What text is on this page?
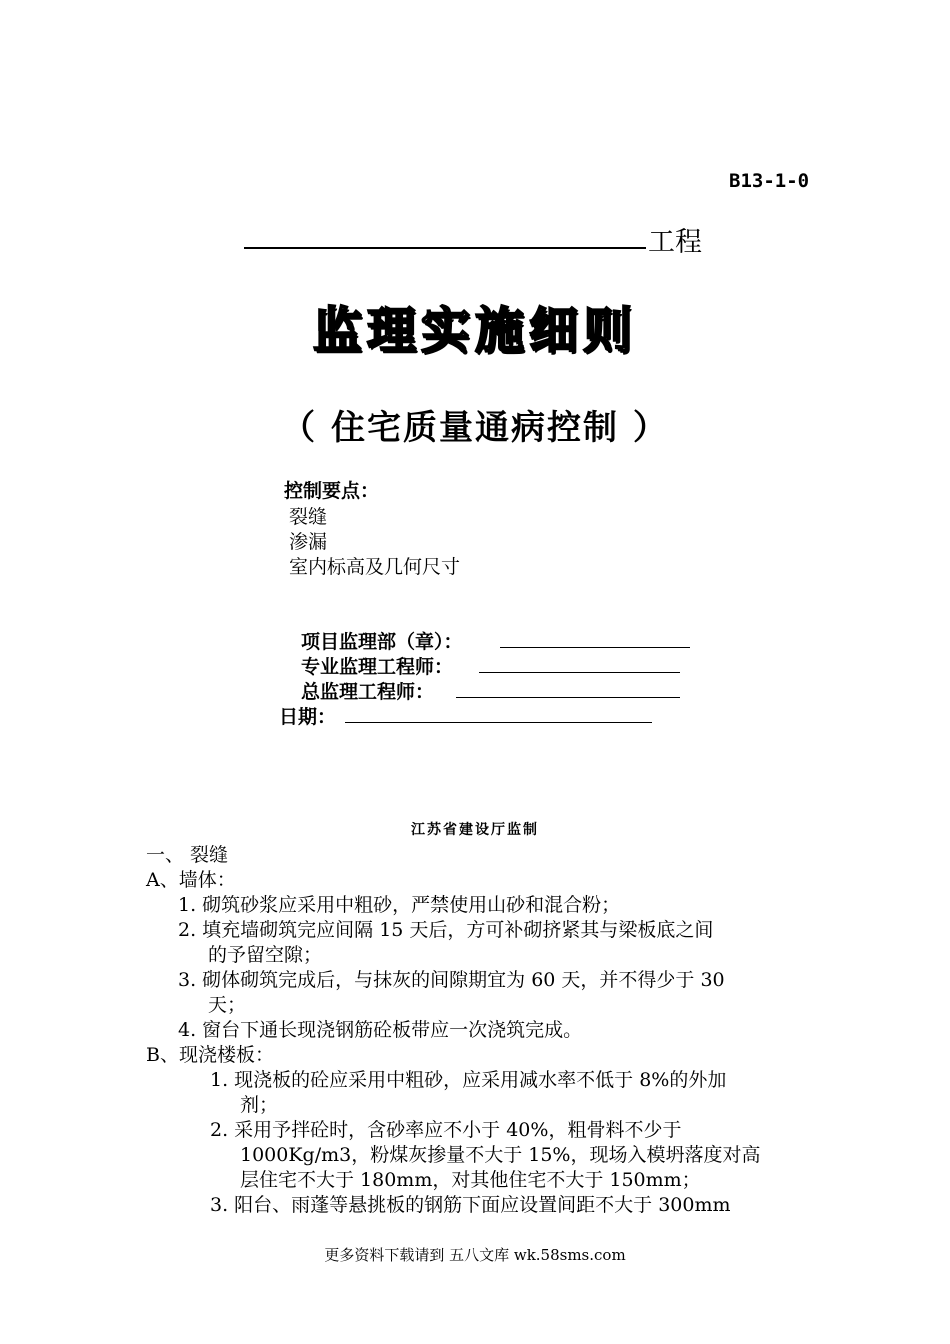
B13-1-0
工程
监理实施细则
（ 住宅质量通病控制 ）
控制要点：
裂缝
渗漏
室内标高及几何尺寸
项目监理部（章）：
专业监理工程师：
总监理工程师：
日期：
江苏省建设厅监制
一、 裂缝
A、墙体：
1. 砌筑砂浆应采用中粗砂，严禁使用山砂和混合粉；
2. 填充墙砌筑完应间隔 15 天后，方可补砌挤紧其与梁板底之间
的予留空隙；
3. 砌体砌筑完成后，与抹灰的间隙期宜为 60 天，并不得少于 30
天；
4. 窗台下通长现浇钢筋砼板带应一次浇筑完成。
B、现浇楼板：
1. 现浇板的砼应采用中粗砂，应采用减水率不低于 8%的外加
剂；
2. 采用予拌砼时，含砂率应不小于 40%，粗骨料不少于
1000Kg/m3，粉煤灰掺量不大于 15%，现场入模坍落度对高
层住宅不大于 180mm，对其他住宅不大于 150mm；
3. 阳台、雨蓬等悬挑板的钢筋下面应设置间距不大于 300mm
更多资料下载请到 五八文库 wk.58sms.com
